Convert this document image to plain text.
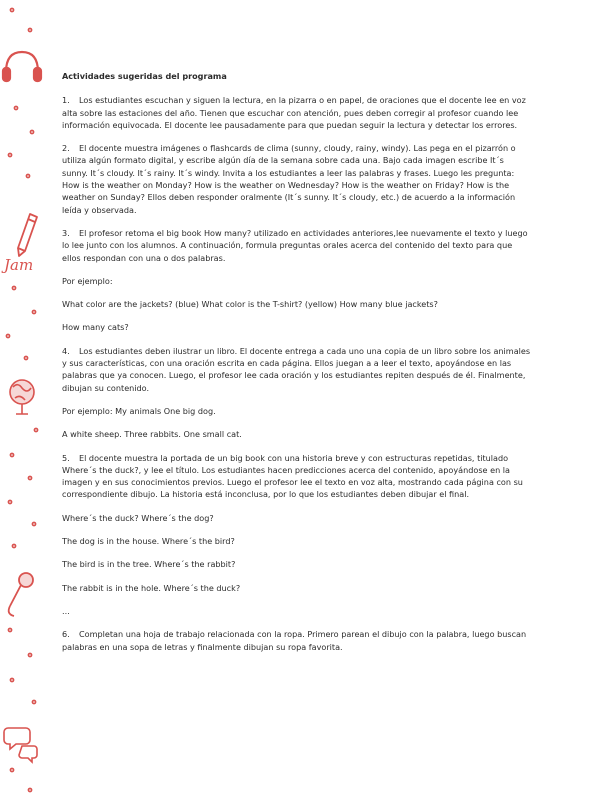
Jam
Actividades sugeridas del programa
1. Los estudiantes escuchan y siguen la lectura, en la pizarra o en papel, de oraciones que el docente lee en voz alta sobre las estaciones del año. Tienen que escuchar con atención, pues deben corregir al profesor cuando lee información equivocada. El docente lee pausadamente para que puedan seguir la lectura y detectar los errores.
2. El docente muestra imágenes o flashcards de clima (sunny, cloudy, rainy, windy). Las pega en el pizarrón o utiliza algún formato digital, y escribe algún día de la semana sobre cada una. Bajo cada imagen escribe It´s sunny. It´s cloudy. It´s rainy. It´s windy. Invita a los estudiantes a leer las palabras y frases. Luego les pregunta: How is the weather on Monday? How is the weather on Wednesday? How is the weather on Friday? How is the weather on Sunday? Ellos deben responder oralmente (It´s sunny. It´s cloudy, etc.) de acuerdo a la información leída y observada.
3. El profesor retoma el big book How many? utilizado en actividades anteriores,lee nuevamente el texto y luego lo lee junto con los alumnos. A continuación, formula preguntas orales acerca del contenido del texto para que ellos respondan con una o dos palabras.
Por ejemplo:
What color are the jackets? (blue) What color is the T-shirt? (yellow) How many blue jackets?
How many cats?
4. Los estudiantes deben ilustrar un libro. El docente entrega a cada uno una copia de un libro sobre los animales y sus características, con una oración escrita en cada página. Ellos juegan a a leer el texto, apoyándose en las palabras que ya conocen. Luego, el profesor lee cada oración y los estudiantes repiten después de él. Finalmente, dibujan su contenido.
Por ejemplo: My animals One big dog.
A white sheep. Three rabbits. One small cat.
5. El docente muestra la portada de un big book con una historia breve y con estructuras repetidas, titulado Where´s the duck?, y lee el título. Los estudiantes hacen predicciones acerca del contenido, apoyándose en la imagen y en sus conocimientos previos. Luego el profesor lee el texto en voz alta, mostrando cada página con su correspondiente dibujo. La historia está inconclusa, por lo que los estudiantes deben dibujar el final.
Where´s the duck? Where´s the dog?
The dog is in the house. Where´s the bird?
The bird is in the tree. Where´s the rabbit?
The rabbit is in the hole. Where´s the duck?
...
6. Completan una hoja de trabajo relacionada con la ropa. Primero parean el dibujo con la palabra, luego buscan palabras en una sopa de letras y finalmente dibujan su ropa favorita.
